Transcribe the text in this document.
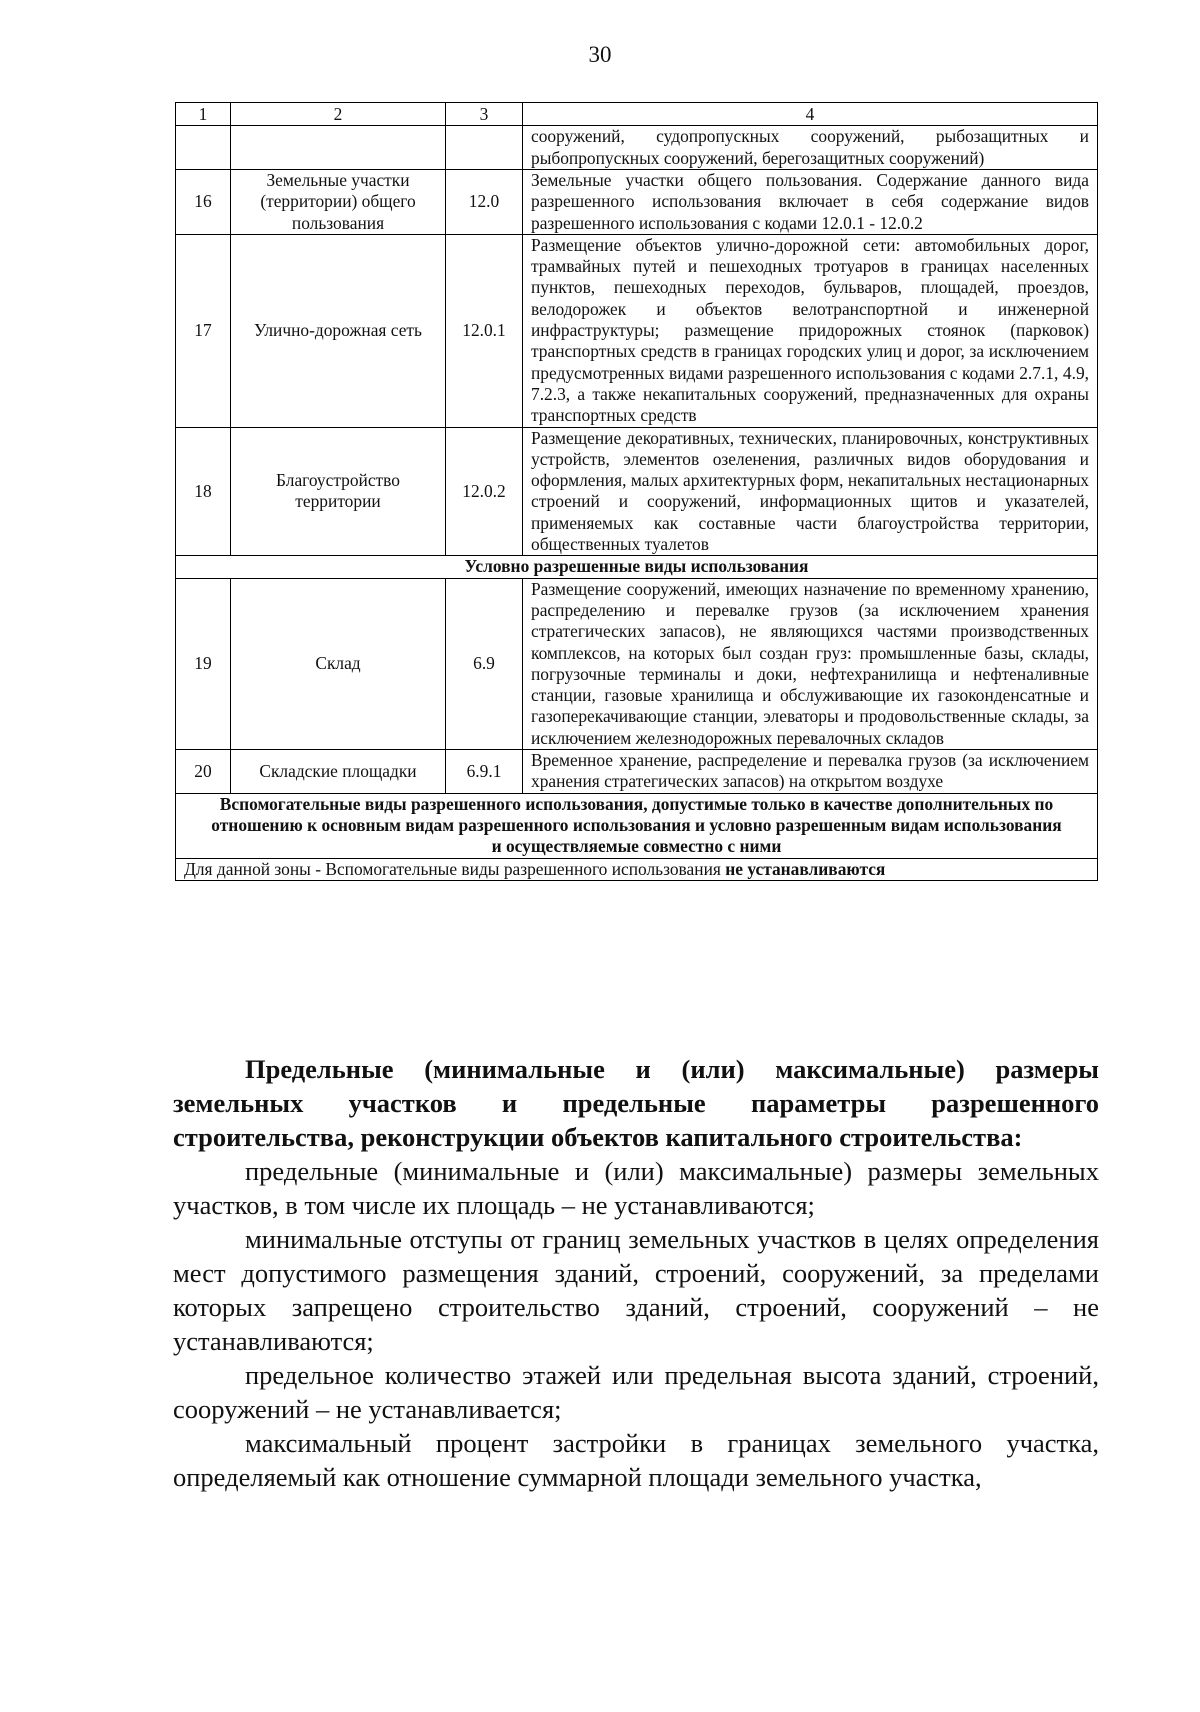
30
1	2	3	4
			сооружений, судопропускных сооружений, рыбозащитных и рыбопропускных сооружений, берегозащитных сооружений)
16	Земельные участки (территории) общего пользования	12.0	Земельные участки общего пользования. Содержание данного вида разрешенного использования включает в себя содержание видов разрешенного использования с кодами 12.0.1 - 12.0.2
17	Улично-дорожная сеть	12.0.1	Размещение объектов улично-дорожной сети: автомобильных дорог, трамвайных путей и пешеходных тротуаров в границах населенных пунктов, пешеходных переходов, бульваров, площадей, проездов, велодорожек и объектов велотранспортной и инженерной инфраструктуры; размещение придорожных стоянок (парковок) транспортных средств в границах городских улиц и дорог, за исключением предусмотренных видами разрешенного использования с кодами 2.7.1, 4.9, 7.2.3, а также некапитальных сооружений, предназначенных для охраны транспортных средств
18	Благоустройство территории	12.0.2	Размещение декоративных, технических, планировочных, конструктивных устройств, элементов озеленения, различных видов оборудования и оформления, малых архитектурных форм, некапитальных нестационарных строений и сооружений, информационных щитов и указателей, применяемых как составные части благоустройства территории, общественных туалетов
Условно разрешенные виды использования			
19	Склад	6.9	Размещение сооружений, имеющих назначение по временному хранению, распределению и перевалке грузов (за исключением хранения стратегических запасов), не являющихся частями производственных комплексов, на которых был создан груз: промышленные базы, склады, погрузочные терминалы и доки, нефтехранилища и нефтеналивные станции, газовые хранилища и обслуживающие их газоконденсатные и газоперекачивающие станции, элеваторы и продовольственные склады, за исключением железнодорожных перевалочных складов
20	Складские площадки	6.9.1	Временное хранение, распределение и перевалка грузов (за исключением хранения стратегических запасов) на открытом воздухе
Вспомогательные виды разрешенного использования, допустимые только в качестве дополнительных по отношению к основным видам разрешенного использования и условно разрешенным видам использования и осуществляемые совместно с ними			
Для данной зоны - Вспомогательные виды разрешенного использования не устанавливаются			

Предельные (минимальные и (или) максимальные) размеры земельных участков и предельные параметры разрешенного

строительства, реконструкции объектов капитального строительства:

предельные (минимальные и (или) максимальные) размеры земельных участков, в том числе их площадь – не устанавливаются;

минимальные отступы от границ земельных участков в целях определения мест допустимого размещения зданий, строений, сооружений, за пределами которых запрещено строительство зданий, строений, сооружений – не устанавливаются;

предельное количество этажей или предельная высота зданий, строений, сооружений – не устанавливается;

максимальный процент застройки в границах земельного участка, определяемый как отношение суммарной площади земельного участка,
